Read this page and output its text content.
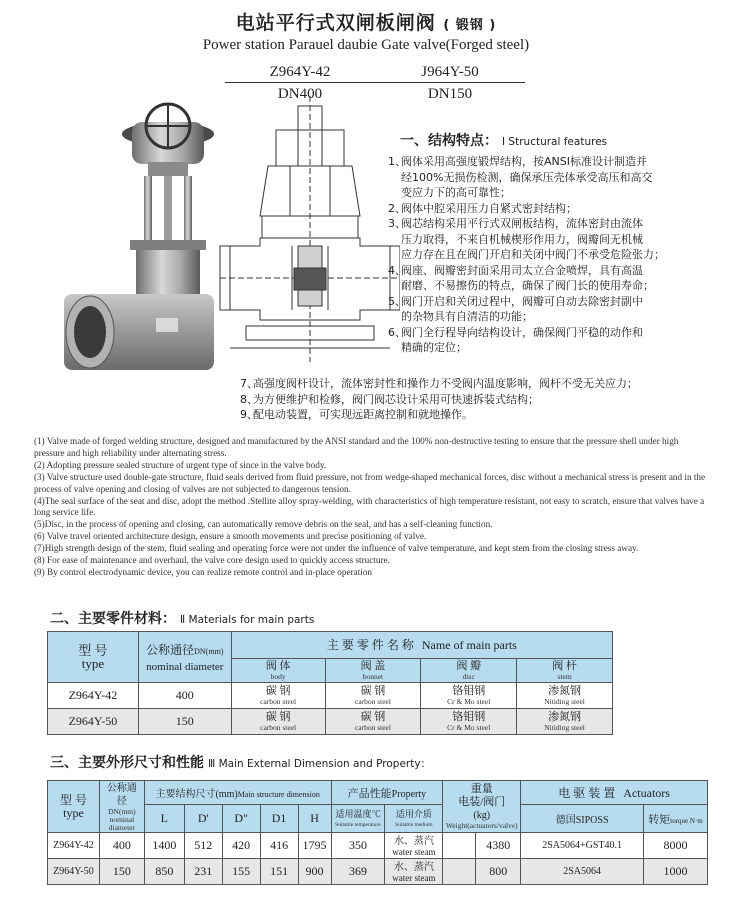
电站平行式双闸板闸阀 ( 锻钢 )
Power station Parauel daubie Gate valve(Forged steel)
Z964Y-42
DN400
J964Y-50
DN150
一、结构特点： Ⅰ Structural features
1、阀体采用高强度锻焊结构，按ANSI标准设计制造并
经100%无损伤检测，确保承压壳体承受高压和高交
变应力下的高可靠性；
2、阀体中腔采用压力自紧式密封结构；
3、阀芯结构采用平行式双闸板结构，流体密封由流体
压力取得，不来自机械楔形作用力，阀瓣间无机械
应力存在且在阀门开启和关闭中阀门不承受危险张力；
4、阀座、阀瓣密封面采用司太立合金喷焊，具有高温
耐磨、不易擦伤的特点，确保了阀门长的使用寿命；
5、阀门开启和关闭过程中，阀瓣可自动去除密封副中
的杂物具有自清洁的功能；
6、阀门全行程导向结构设计，确保阀门平稳的动作和
精确的定位；
7、高强度阀杆设计，流体密封性和操作力不受阀内温度影响，阀杆不受无关应力；
8、为方便维护和检修，阀门阀芯设计采用可快速拆装式结构；
9、配电动装置，可实现远距离控制和就地操作。

(1) Valve made of forged welding structure, designed and manufactured by the ANSI standard and the 100% non-destructive testing to ensure that the pressure shell under high pressure and high reliability under alternating stress.

(2) Adopting pressure sealed structure of urgent type of since in the valve body.

(3) Valve structure used double-gate structure, fluid seals derived from fluid pressure, not from wedge-shaped mechanical forces, disc without a mechanical stress is present and in the process of valve opening and closing of valves are not subjected to dangerous tension.

(4)The seal surface of the seat and disc, adopt the method .Stellite alloy spray-welding, with characteristics of high temperature resistant, not easy to scratch, ensure that valves have a long service life.

(5)Disc, in the process of opening and closing, can automatically remove debris on the seal, and has a self-cleaning function.

(6) Valve travel oriented architecture design, ensure a smooth movements and precise positioning of valve.

(7)High strength design of the stem, fluid sealing and operating force were not under the influence of valve temperature, and kept stem from the closing stress away.

(8) For ease of maintenance and overhaul, the valve core design used to quickly access structure.

(9) By control electrodynamic device, you can realize remote control and in-place operation

二、主要零件材料： Ⅱ Materials for main parts
型 号
type	公称通径DN(mm)
nominal diameter	主 要 零 件 名 称 Name of main parts			

		阀 体
body	阀 盖
bonnet	阀 瓣
disc	阀 杆
stem

Z964Y-42	400	碳 钢
carbon steel	碳 钢
carbon steel	铬钼钢
Cr & Mo steel	渗氮钢
Nitiding steel

Z964Y-50	150	碳 钢
carbon steel	碳 钢
carbon steel	铬钼钢
Cr & Mo steel	渗氮钢
Nitiding steel
三、主要外形尺寸和性能 Ⅲ Main External Dimension and Property：
型 号
type	公称通径
DN(mm)
nominal diameter	主要结构尺寸(mm)Main structure dimension					产品性能Property		重量
电装/阀门
(kg)
Weight(actuators/valve)		电 驱 装 置 Actuators	
		L	D'	D"	D1	H	适用温度℃
Suitable temperature	适用介质
Suitable medium			德国SIPOSS	转矩torque N·m
Z964Y-42	400	1400	512	420	416	1795	350	水、蒸汽
water steam		4380	2SA5064+GST40.1	8000
Z964Y-50	150	850	231	155	151	900	369	水、蒸汽
water steam		800	2SA5064	1000
